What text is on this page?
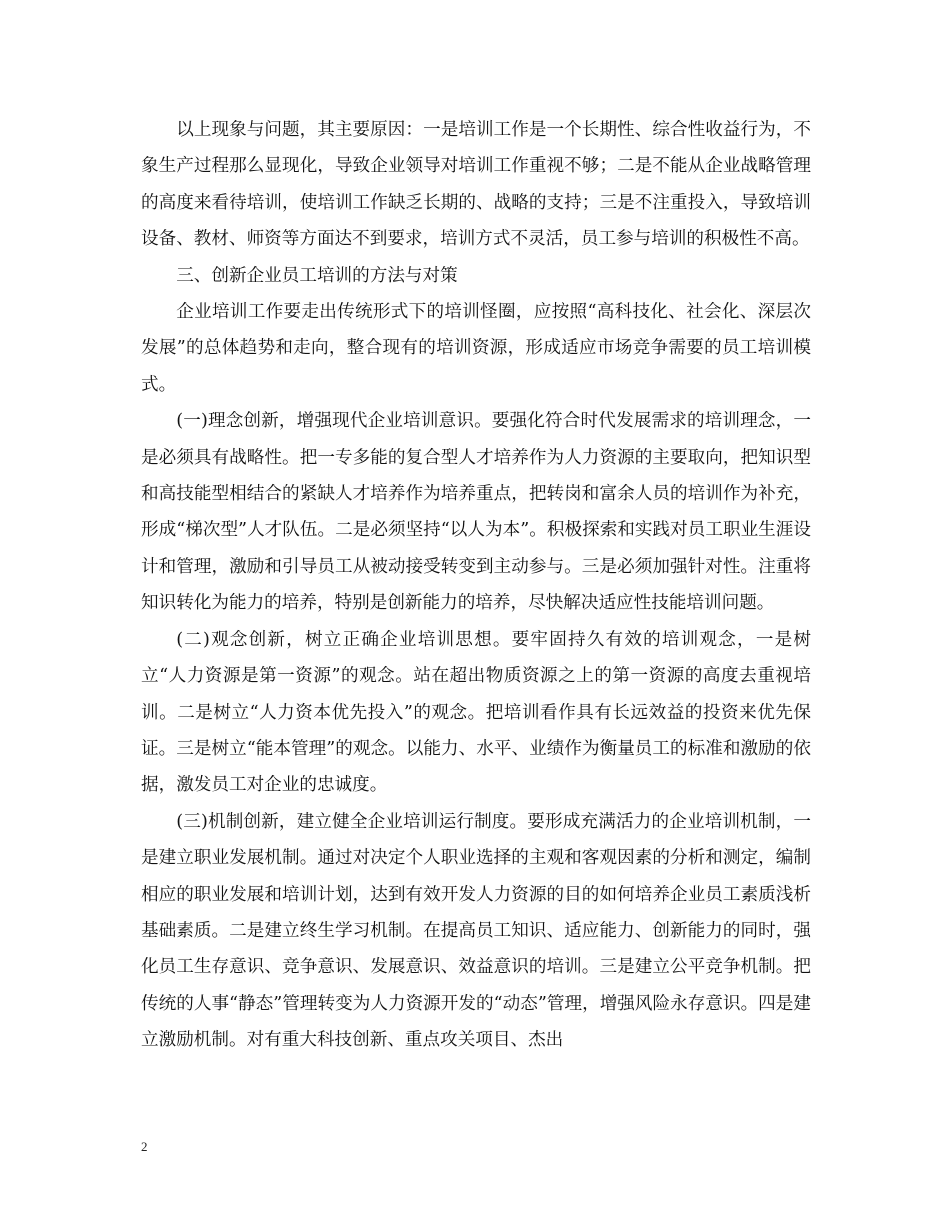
以上现象与问题，其主要原因：一是培训工作是一个长期性、综合性收益行为，不象生产过程那么显现化，导致企业领导对培训工作重视不够；二是不能从企业战略管理的高度来看待培训，使培训工作缺乏长期的、战略的支持；三是不注重投入，导致培训设备、教材、师资等方面达不到要求，培训方式不灵活，员工参与培训的积极性不高。

三、创新企业员工培训的方法与对策

企业培训工作要走出传统形式下的培训怪圈，应按照“高科技化、社会化、深层次发展”的总体趋势和走向，整合现有的培训资源，形成适应市场竞争需要的员工培训模式。

(一)理念创新，增强现代企业培训意识。要强化符合时代发展需求的培训理念，一是必须具有战略性。把一专多能的复合型人才培养作为人力资源的主要取向，把知识型和高技能型相结合的紧缺人才培养作为培养重点，把转岗和富余人员的培训作为补充，形成“梯次型”人才队伍。二是必须坚持“以人为本”。积极探索和实践对员工职业生涯设计和管理，激励和引导员工从被动接受转变到主动参与。三是必须加强针对性。注重将知识转化为能力的培养，特别是创新能力的培养，尽快解决适应性技能培训问题。

(二)观念创新，树立正确企业培训思想。要牢固持久有效的培训观念，一是树立“人力资源是第一资源”的观念。站在超出物质资源之上的第一资源的高度去重视培训。二是树立“人力资本优先投入”的观念。把培训看作具有长远效益的投资来优先保证。三是树立“能本管理”的观念。以能力、水平、业绩作为衡量员工的标准和激励的依据，激发员工对企业的忠诚度。

(三)机制创新，建立健全企业培训运行制度。要形成充满活力的企业培训机制，一是建立职业发展机制。通过对决定个人职业选择的主观和客观因素的分析和测定，编制相应的职业发展和培训计划，达到有效开发人力资源的目的如何培养企业员工素质浅析基础素质。二是建立终生学习机制。在提高员工知识、适应能力、创新能力的同时，强化员工生存意识、竞争意识、发展意识、效益意识的培训。三是建立公平竞争机制。把传统的人事“静态”管理转变为人力资源开发的“动态”管理，增强风险永存意识。四是建立激励机制。对有重大科技创新、重点攻关项目、杰出

2
